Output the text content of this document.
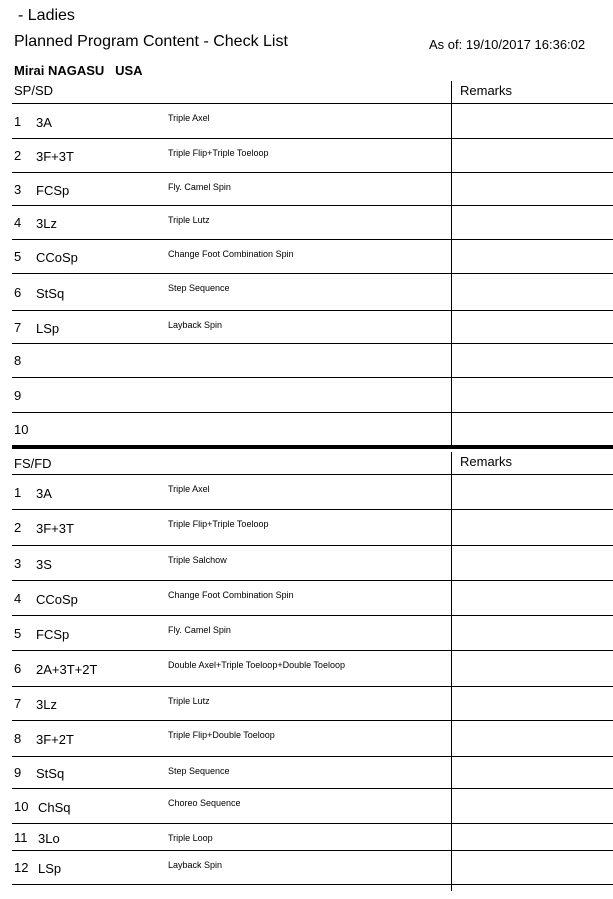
- Ladies
Planned Program Content - Check List	As of: 19/10/2017 16:36:02
Mirai NAGASU   USA
SP/SD	Remarks
1 3A	Triple Axel
2 3F+3T	Triple Flip+Triple Toeloop
3 FCSp	Fly. Camel Spin
4 3Lz	Triple Lutz
5 CCoSp	Change Foot Combination Spin
6 StSq	Step Sequence
7 LSp	Layback Spin
8
9
10
FS/FD	Remarks
1 3A	Triple Axel
2 3F+3T	Triple Flip+Triple Toeloop
3 3S	Triple Salchow
4 CCoSp	Change Foot Combination Spin
5 FCSp	Fly. Camel Spin
6 2A+3T+2T	Double Axel+Triple Toeloop+Double Toeloop
7 3Lz	Triple Lutz
8 3F+2T	Triple Flip+Double Toeloop
9 StSq	Step Sequence
10 ChSq	Choreo Sequence
11 3Lo	Triple Loop
12 LSp	Layback Spin
